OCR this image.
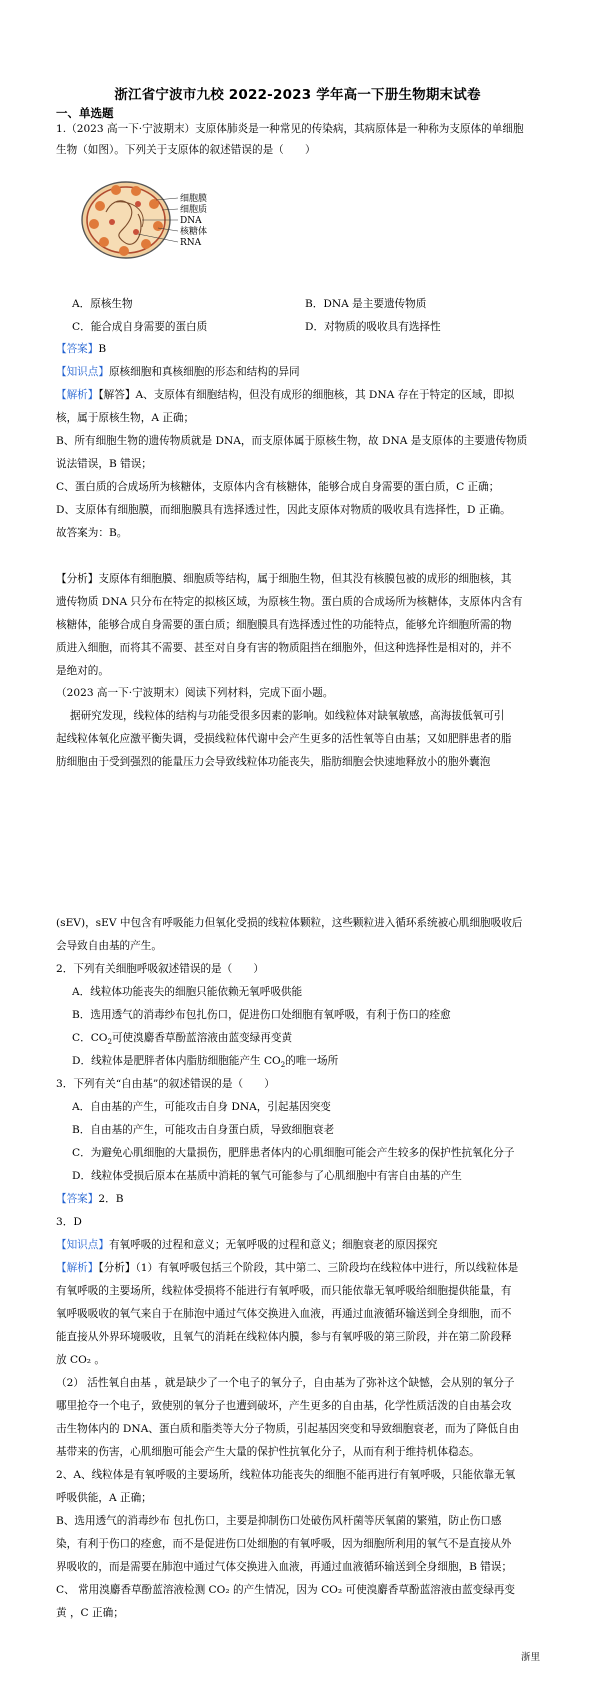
浙江省宁波市九校 2022-2023 学年高一下册生物期末试卷
一、单选题
1.（2023 高一下·宁波期末）支原体肺炎是一种常见的传染病，其病原体是一种称为支原体的单细胞
生物（如图）。下列关于支原体的叙述错误的是（　　）
细胞膜
细胞质
DNA
核糖体
RNA
A．原核生物	B．DNA 是主要遗传物质
C．能合成自身需要的蛋白质	D．对物质的吸收具有选择性
【答案】B
【知识点】原核细胞和真核细胞的形态和结构的异同
【解析】【解答】A、支原体有细胞结构，但没有成形的细胞核，其 DNA 存在于特定的区域，即拟
核，属于原核生物，A 正确；
B、所有细胞生物的遗传物质就是 DNA，而支原体属于原核生物，故 DNA 是支原体的主要遗传物质
说法错误，B 错误；
C、蛋白质的合成场所为核糖体，支原体内含有核糖体，能够合成自身需要的蛋白质，C 正确；
D、支原体有细胞膜，而细胞膜具有选择透过性，因此支原体对物质的吸收具有选择性，D 正确。
故答案为：B。
【分析】支原体有细胞膜、细胞质等结构，属于细胞生物，但其没有核膜包被的成形的细胞核，其
遗传物质 DNA 只分布在特定的拟核区域，为原核生物。蛋白质的合成场所为核糖体，支原体内含有
核糖体，能够合成自身需要的蛋白质；细胞膜具有选择透过性的功能特点，能够允许细胞所需的物
质进入细胞，而将其不需要、甚至对自身有害的物质阻挡在细胞外，但这种选择性是相对的，并不
是绝对的。
（2023 高一下·宁波期末）阅读下列材料，完成下面小题。
据研究发现，线粒体的结构与功能受很多因素的影响。如线粒体对缺氧敏感，高海拔低氧可引
起线粒体氧化应激平衡失调，受损线粒体代谢中会产生更多的活性氧等自由基；又如肥胖患者的脂
肪细胞由于受到强烈的能量压力会导致线粒体功能丧失，脂肪细胞会快速地释放小的胞外囊泡
(sEV)，sEV 中包含有呼吸能力但氧化受损的线粒体颗粒，这些颗粒进入循环系统被心肌细胞吸收后
会导致自由基的产生。
2．下列有关细胞呼吸叙述错误的是（　　）
A．线粒体功能丧失的细胞只能依赖无氧呼吸供能
B．选用透气的消毒纱布包扎伤口，促进伤口处细胞有氧呼吸，有利于伤口的痊愈
C．$CO_2$可使溴麝香草酚蓝溶液由蓝变绿再变黄
D．线粒体是肥胖者体内脂肪细胞能产生 $CO_2$的唯一场所
3．下列有关“自由基”的叙述错误的是（　　）
A．自由基的产生，可能攻击自身 DNA，引起基因突变
B．自由基的产生，可能攻击自身蛋白质，导致细胞衰老
C．为避免心肌细胞的大量损伤，肥胖患者体内的心肌细胞可能会产生较多的保护性抗氧化分子
D．线粒体受损后原本在基质中消耗的氧气可能参与了心肌细胞中有害自由基的产生
【答案】2．B
3．D
【知识点】有氧呼吸的过程和意义；无氧呼吸的过程和意义；细胞衰老的原因探究
【解析】【分析】（1）有氧呼吸包括三个阶段，其中第二、三阶段均在线粒体中进行，所以线粒体是
有氧呼吸的主要场所，线粒体受损将不能进行有氧呼吸，而只能依靠无氧呼吸给细胞提供能量，有
氧呼吸吸收的氧气来自于在肺泡中通过气体交换进入血液，再通过血液循环输送到全身细胞，而不
能直接从外界环境吸收，且氧气的消耗在线粒体内膜，参与有氧呼吸的第三阶段，并在第二阶段释
放 CO₂ 。
（2） 活性氧自由基 ，就是缺少了一个电子的氧分子，自由基为了弥补这个缺憾，会从别的氧分子
哪里抢夺一个电子，致使别的氧分子也遭到破坏，产生更多的自由基，化学性质活泼的自由基会攻
击生物体内的 DNA、蛋白质和脂类等大分子物质，引起基因突变和导致细胞衰老，而为了降低自由
基带来的伤害，心肌细胞可能会产生大量的保护性抗氧化分子，从而有利于维持机体稳态。
2、A、线粒体是有氧呼吸的主要场所，线粒体功能丧失的细胞不能再进行有氧呼吸，只能依靠无氧
呼吸供能，A 正确；
B、选用透气的消毒纱布 包扎伤口，主要是抑制伤口处破伤风杆菌等厌氧菌的繁殖，防止伤口感
染，有利于伤口的痊愈，而不是促进伤口处细胞的有氧呼吸，因为细胞所利用的氧气不是直接从外
界吸收的，而是需要在肺泡中通过气体交换进入血液，再通过血液循环输送到全身细胞，B 错误；
C、 常用溴麝香草酚蓝溶液检测 CO₂ 的产生情况，因为 CO₂ 可使溴麝香草酚蓝溶液由蓝变绿再变
黄 ，C 正确；
浙里
